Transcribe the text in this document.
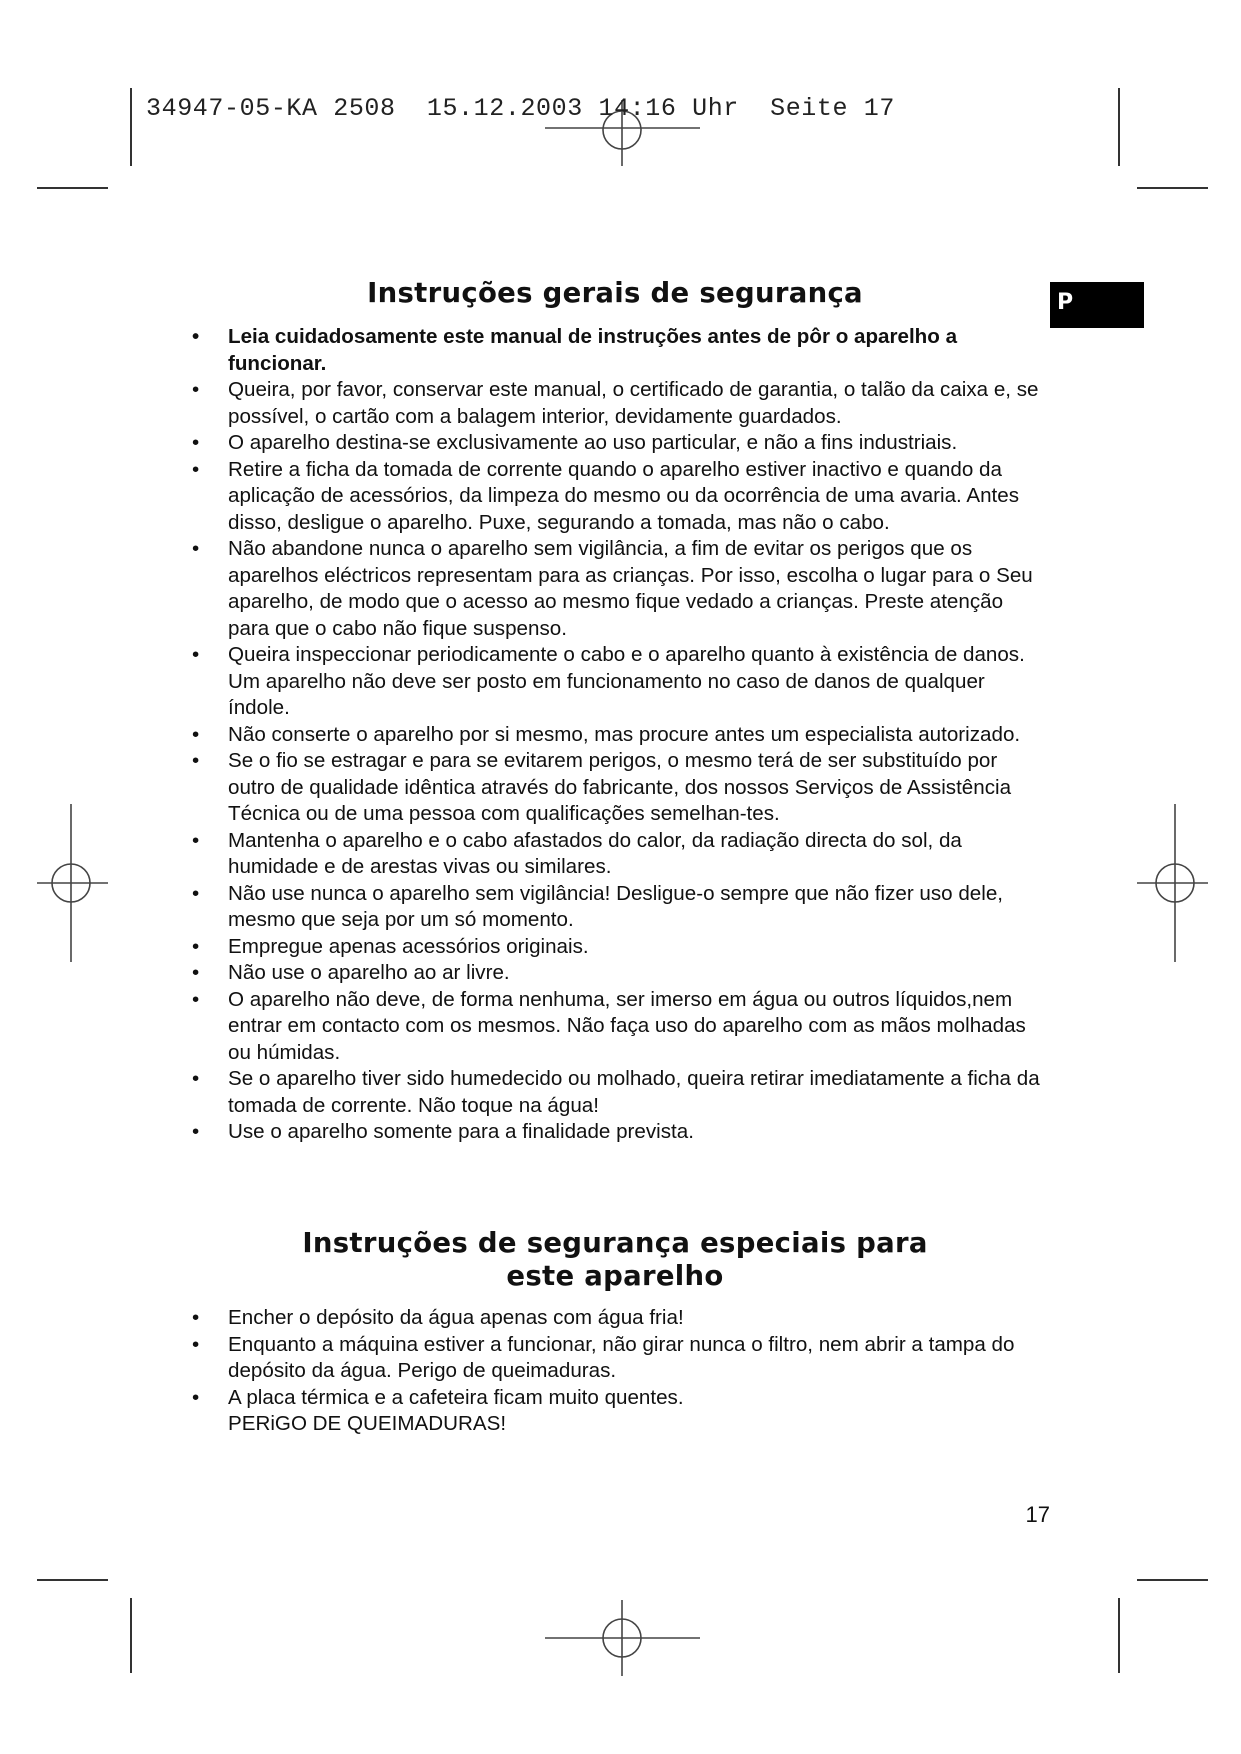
34947-05-KA 2508  15.12.2003 14:16 Uhr  Seite 17
P
Instruções gerais de segurança
•	Leia cuidadosamente este manual de instruções antes de pôr o aparelho a funcionar.
•	Queira, por favor, conservar este manual, o certificado de garantia, o talão da caixa e, se possível, o cartão com a balagem interior, devidamente guardados.
•	O aparelho destina-se exclusivamente ao uso particular, e não a fins industriais.
•	Retire a ficha da tomada de corrente quando o aparelho estiver inactivo e quando da aplicação de acessórios, da limpeza do mesmo ou da ocorrência de uma avaria. Antes disso, desligue o aparelho. Puxe, segurando a tomada, mas não o cabo.
•	Não abandone nunca o aparelho sem vigilância, a fim de evitar os perigos que os aparelhos eléctricos representam para as crianças. Por isso, escolha o lugar para o Seu aparelho, de modo que o acesso ao mesmo fique vedado a crianças. Preste atenção para que o cabo não fique suspenso.
•	Queira inspeccionar periodicamente o cabo e o aparelho quanto à existência de danos. Um aparelho não deve ser posto em funcionamento no caso de danos de qualquer índole.
•	Não conserte o aparelho por si mesmo, mas procure antes um especialista autorizado.
•	Se o fio se estragar e para se evitarem perigos, o mesmo terá de ser substituído por outro de qualidade idêntica através do fabricante, dos nossos Serviços de Assistência Técnica ou de uma pessoa com qualificações semelhan-tes.
•	Mantenha o aparelho e o cabo afastados do calor, da radiação directa do sol, da humidade e de arestas vivas ou similares.
•	Não use nunca o aparelho sem vigilância! Desligue-o sempre que não fizer uso dele, mesmo que seja por um só momento.
•	Empregue apenas acessórios originais.
•	Não use o aparelho ao ar livre.
•	O aparelho não deve, de forma nenhuma, ser imerso em água ou outros líquidos,nem entrar em contacto com os mesmos. Não faça uso do aparelho com as mãos molhadas ou húmidas.
•	Se o aparelho tiver sido humedecido ou molhado, queira retirar imediatamente a ficha da tomada de corrente. Não toque na água!
•	Use o aparelho somente para a finalidade prevista.
Instruções de segurança especiais para
este aparelho
•	Encher o depósito da água apenas com água fria!
•	Enquanto a máquina estiver a funcionar, não girar nunca o filtro, nem abrir a tampa do depósito da água. Perigo de queimaduras.
•	A placa térmica e a cafeteira ficam muito quentes.
PERiGO DE QUEIMADURAS!
17
